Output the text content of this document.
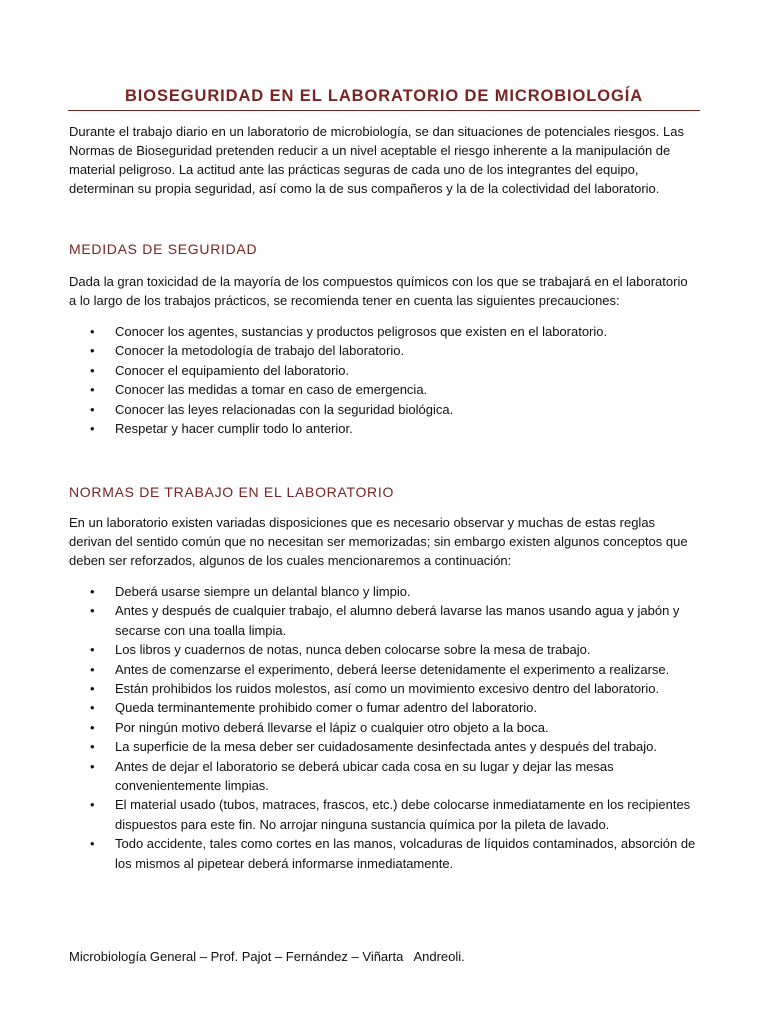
BIOSEGURIDAD EN EL LABORATORIO DE MICROBIOLOGÍA

Durante el trabajo diario en un laboratorio de microbiología, se dan situaciones de potenciales riesgos. Las Normas de Bioseguridad pretenden reducir a un nivel aceptable el riesgo inherente a la manipulación de material peligroso. La actitud ante las prácticas seguras de cada uno de los integrantes del equipo, determinan su propia seguridad, así como la de sus compañeros y la de la colectividad del laboratorio.

MEDIDAS DE SEGURIDAD

Dada la gran toxicidad de la mayoría de los compuestos químicos con los que se trabajará en el laboratorio a lo largo de los trabajos prácticos, se recomienda tener en cuenta las siguientes precauciones:

• Conocer los agentes, sustancias y productos peligrosos que existen en el laboratorio.
• Conocer la metodología de trabajo del laboratorio.
• Conocer el equipamiento del laboratorio.
• Conocer las medidas a tomar en caso de emergencia.
• Conocer las leyes relacionadas con la seguridad biológica.
• Respetar y hacer cumplir todo lo anterior.
NORMAS DE TRABAJO EN EL LABORATORIO

En un laboratorio existen variadas disposiciones que es necesario observar y muchas de estas reglas derivan del sentido común que no necesitan ser memorizadas; sin embargo existen algunos conceptos que deben ser reforzados, algunos de los cuales mencionaremos a continuación:

• Deberá usarse siempre un delantal blanco y limpio.
• Antes y después de cualquier trabajo, el alumno deberá lavarse las manos usando agua y jabón y secarse con una toalla limpia.
• Los libros y cuadernos de notas, nunca deben colocarse sobre la mesa de trabajo.
• Antes de comenzarse el experimento, deberá leerse detenidamente el experimento a realizarse.
• Están prohibidos los ruidos molestos, así como un movimiento excesivo dentro del laboratorio.
• Queda terminantemente prohibido comer o fumar adentro del laboratorio.
• Por ningún motivo deberá llevarse el lápiz o cualquier otro objeto a la boca.
• La superficie de la mesa deber ser cuidadosamente desinfectada antes y después del trabajo.
• Antes de dejar el laboratorio se deberá ubicar cada cosa en su lugar y dejar las mesas convenientemente limpias.
• El material usado (tubos, matraces, frascos, etc.) debe colocarse inmediatamente en los recipientes dispuestos para este fin. No arrojar ninguna sustancia química por la pileta de lavado.
• Todo accidente, tales como cortes en las manos, volcaduras de líquidos contaminados, absorción de los mismos al pipetear deberá informarse inmediatamente.
Microbiología General – Prof. Pajot – Fernández – Viñarta   Andreoli.
